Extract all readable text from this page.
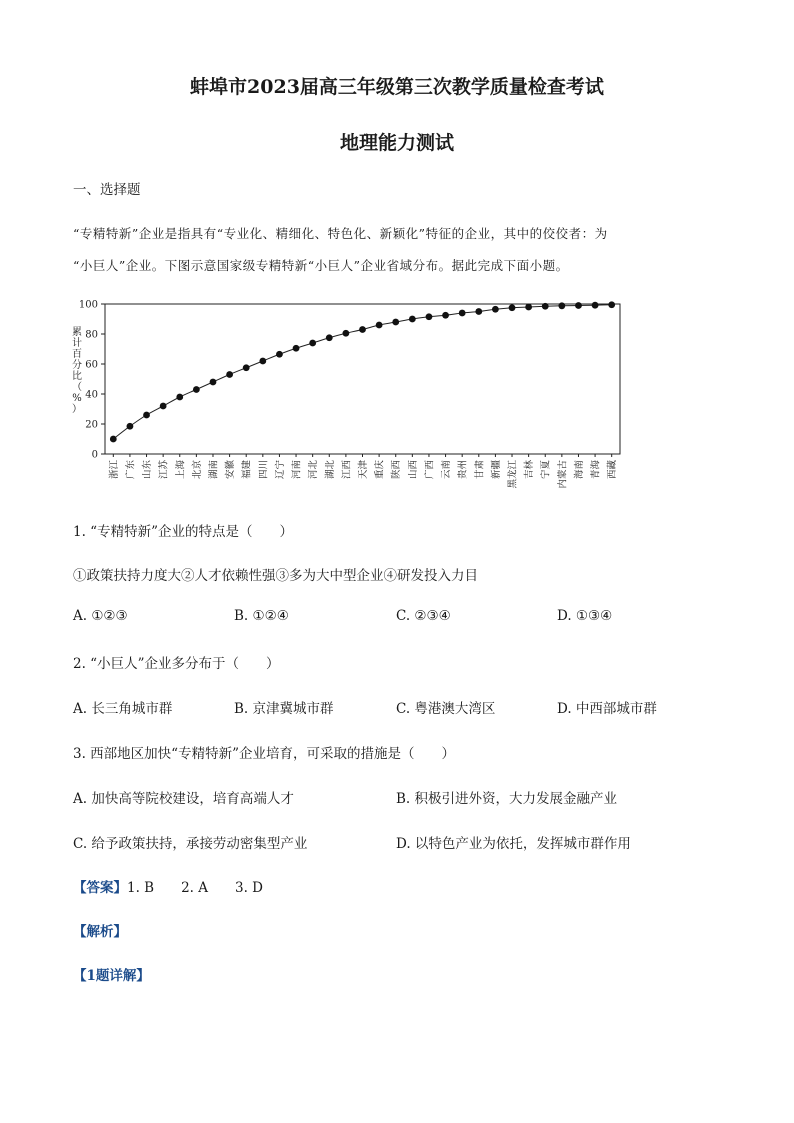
蚌埠市2023届高三年级第三次教学质量检查考试
地理能力测试
一、选择题
“专精特新”企业是指具有“专业化、精细化、特色化、新颖化”特征的企业，其中的佼佼者：为
“小巨人”企业。下图示意国家级专精特新“小巨人”企业省域分布。据此完成下面小题。
0
20
40
60
80
100
累
计
百
分
比
（
%
）
浙江 广东 山东 江苏 上海 北京 湖南 安徽 福建 四川 辽宁 河南 河北 湖北 江西 天津 重庆 陕西 山西 广西 云南 贵州 甘肃 新疆 黑龙江 吉林 宁夏 内蒙古 海南 青海 西藏
1. “专精特新”企业的特点是（　　）
①政策扶持力度大②人才依赖性强③多为大中型企业④研发投入力目
A. ①②③	B. ①②④	C. ②③④	D. ①③④
2. “小巨人”企业多分布于（　　）
A. 长三角城市群	B. 京津冀城市群	C. 粤港澳大湾区	D. 中西部城市群
3. 西部地区加快“专精特新”企业培育，可采取的措施是（　　）
A. 加快高等院校建设，培育高端人才	B. 积极引进外资，大力发展金融产业
C. 给予政策扶持，承接劳动密集型产业	D. 以特色产业为依托，发挥城市群作用
【答案】1. B　　2. A　　3. D
【解析】
【1题详解】
